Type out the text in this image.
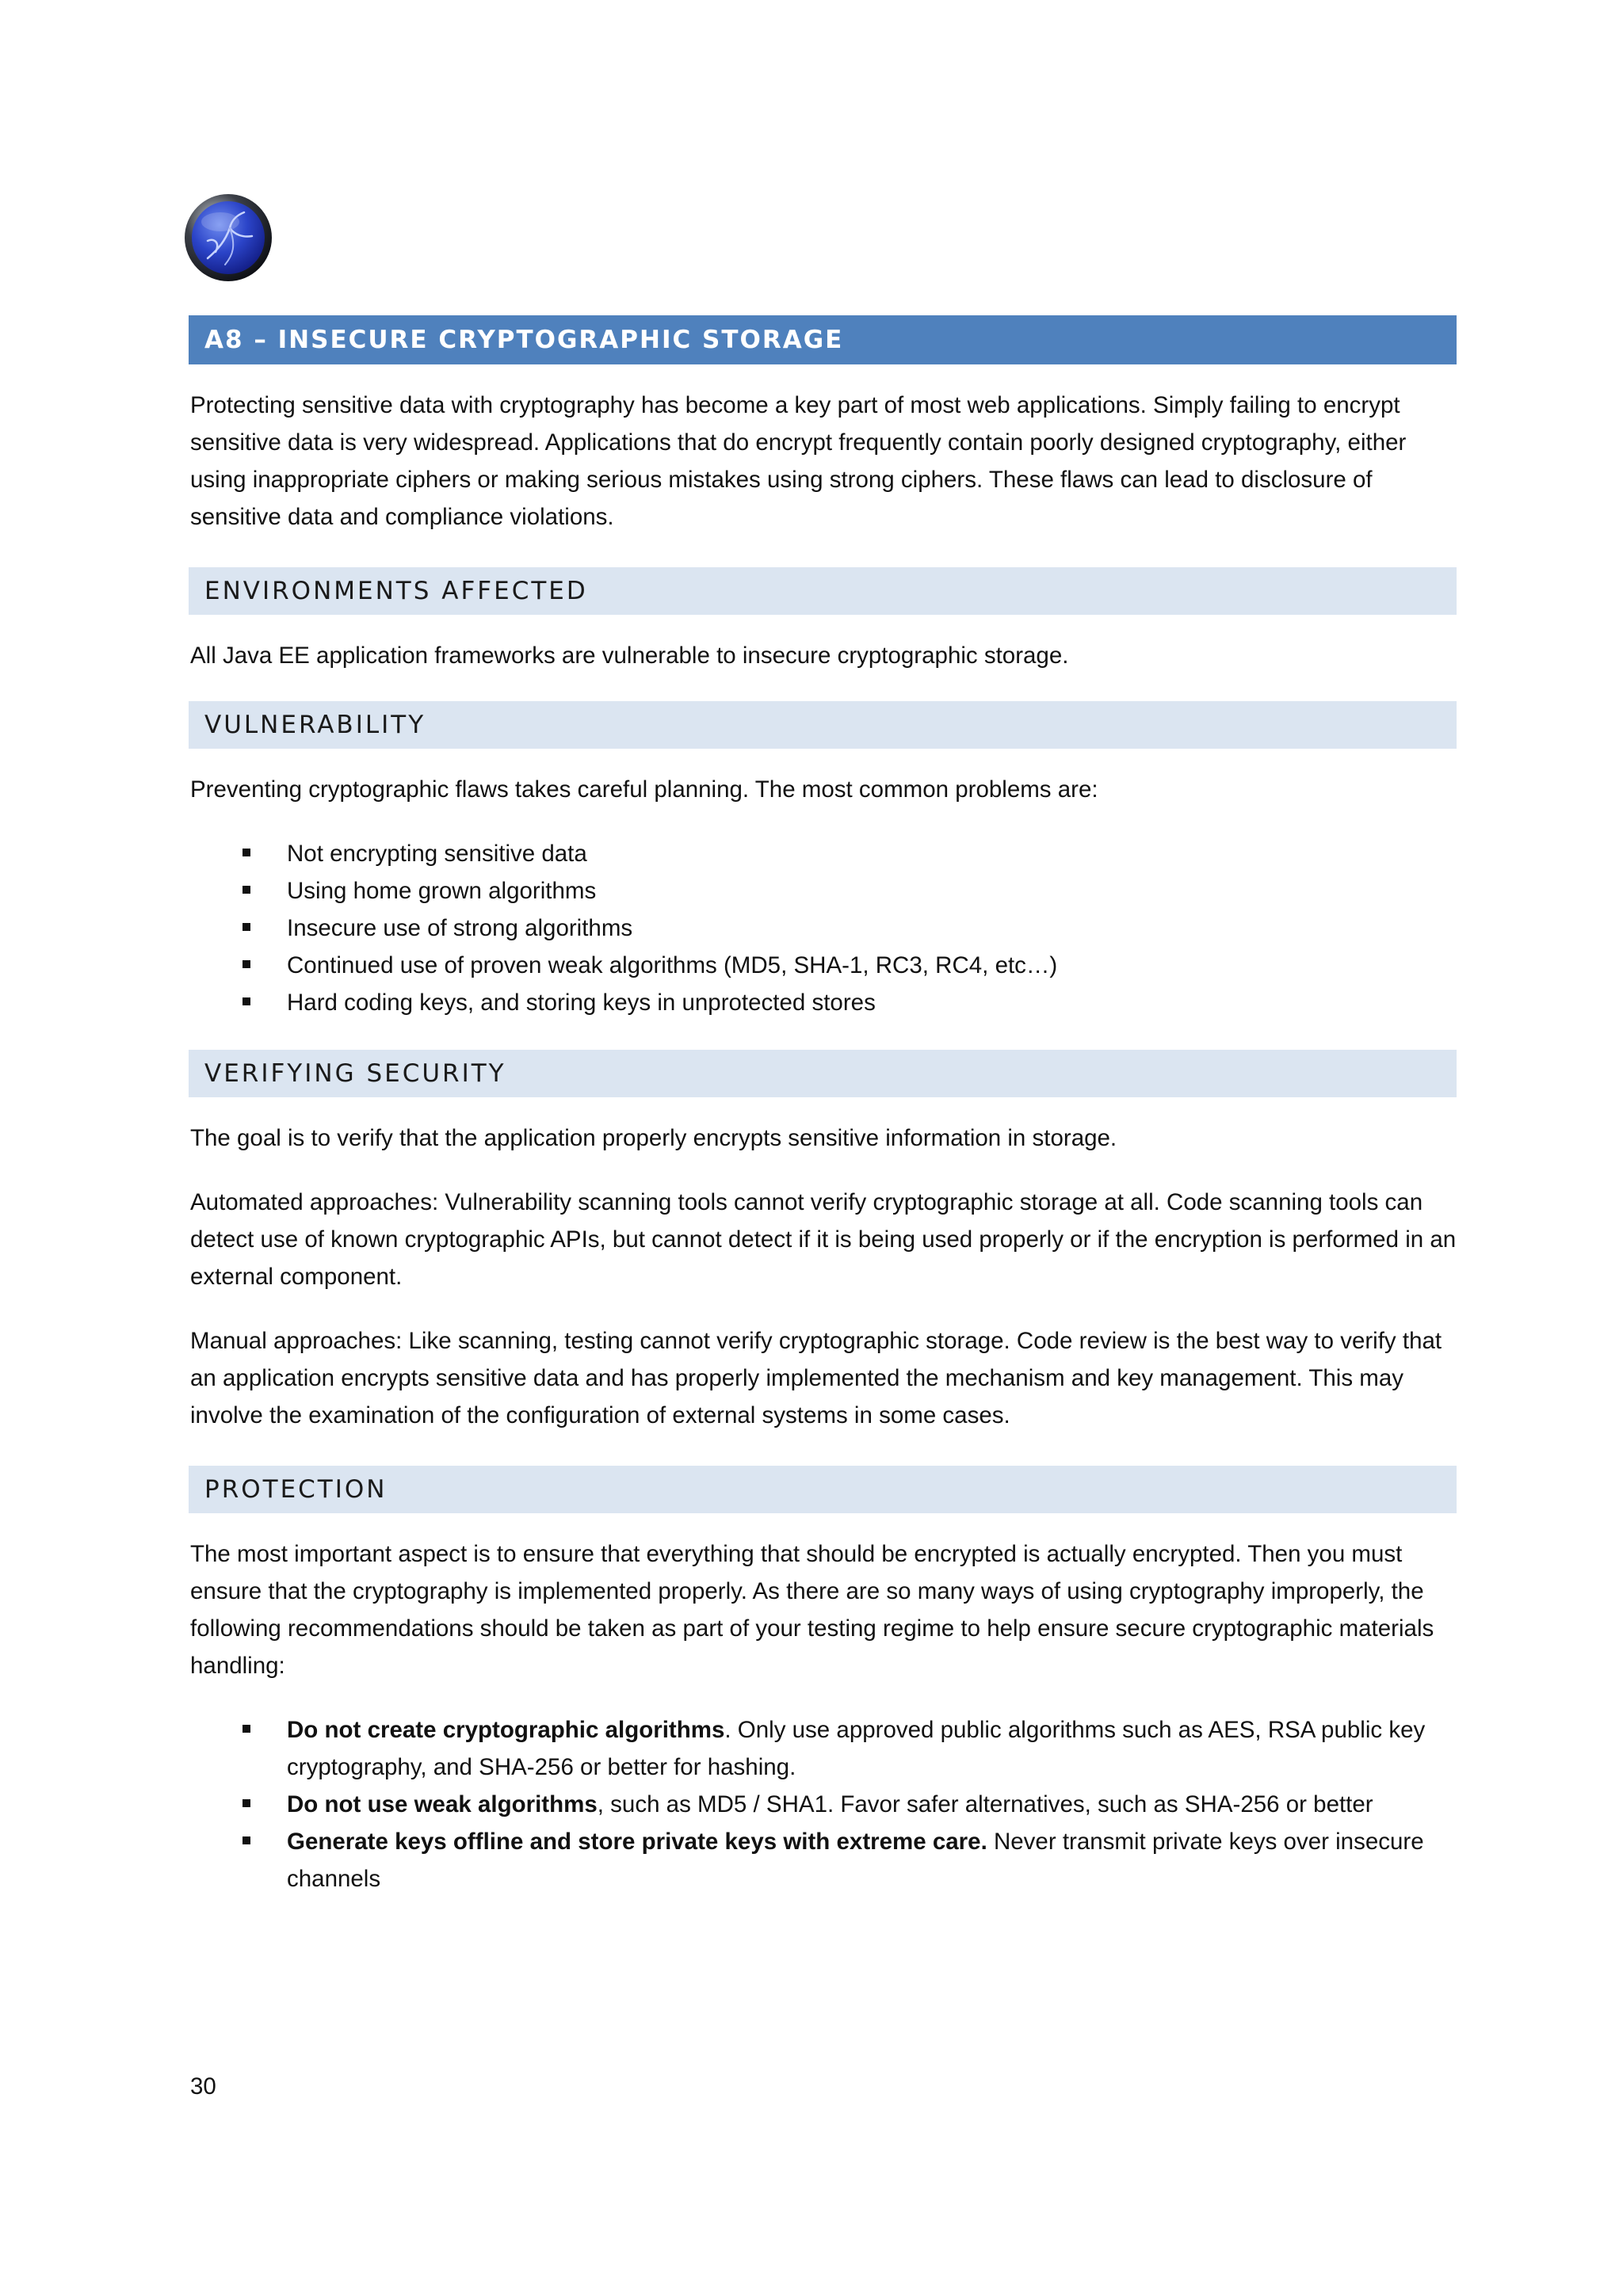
A8 – INSECURE CRYPTOGRAPHIC STORAGE

Protecting sensitive data with cryptography has become a key part of most web applications. Simply failing to encrypt sensitive data is very widespread. Applications that do encrypt frequently contain poorly designed cryptography, either using inappropriate ciphers or making serious mistakes using strong ciphers. These flaws can lead to disclosure of sensitive data and compliance violations.

ENVIRONMENTS AFFECTED

All Java EE application frameworks are vulnerable to insecure cryptographic storage.

VULNERABILITY

Preventing cryptographic flaws takes careful planning. The most common problems are:

Not encrypting sensitive data
Using home grown algorithms
Insecure use of strong algorithms
Continued use of proven weak algorithms (MD5, SHA-1, RC3, RC4, etc…)
Hard coding keys, and storing keys in unprotected stores
VERIFYING SECURITY

The goal is to verify that the application properly encrypts sensitive information in storage.

Automated approaches: Vulnerability scanning tools cannot verify cryptographic storage at all. Code scanning tools can detect use of known cryptographic APIs, but cannot detect if it is being used properly or if the encryption is performed in an external component.

Manual approaches: Like scanning, testing cannot verify cryptographic storage. Code review is the best way to verify that an application encrypts sensitive data and has properly implemented the mechanism and key management. This may involve the examination of the configuration of external systems in some cases.

PROTECTION

The most important aspect is to ensure that everything that should be encrypted is actually encrypted. Then you must ensure that the cryptography is implemented properly. As there are so many ways of using cryptography improperly, the following recommendations should be taken as part of your testing regime to help ensure secure cryptographic materials handling:

Do not create cryptographic algorithms. Only use approved public algorithms such as AES, RSA public key cryptography, and SHA-256 or better for hashing.
Do not use weak algorithms, such as MD5 / SHA1. Favor safer alternatives, such as SHA-256 or better
Generate keys offline and store private keys with extreme care. Never transmit private keys over insecure channels
30
